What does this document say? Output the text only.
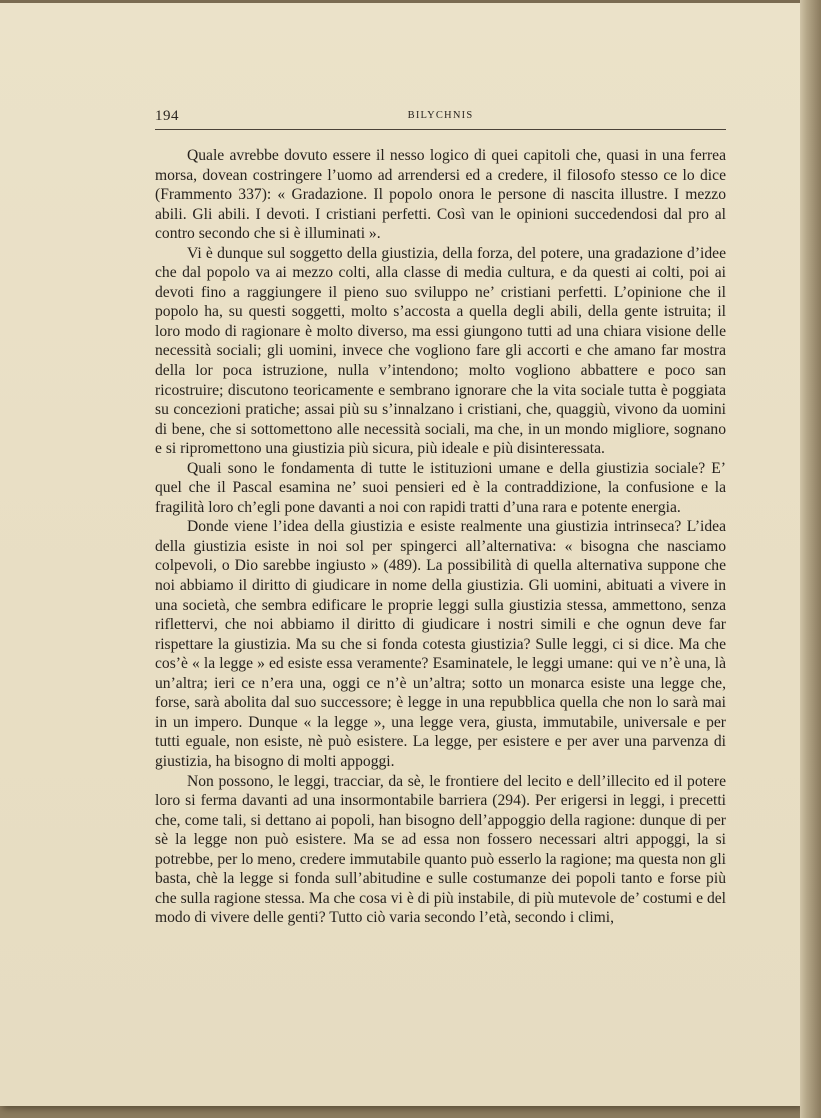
194	BILYCHNIS

Quale avrebbe dovuto essere il nesso logico di quei capitoli che, quasi in una ferrea morsa, dovean costringere l’uomo ad arrendersi ed a credere, il filosofo stesso ce lo dice (Frammento 337): « Gradazione. Il popolo onora le persone di nascita illustre. I mezzo abili. Gli abili. I devoti. I cristiani perfetti. Così van le opinioni succedendosi dal pro al contro secondo che si è illuminati ».

Vi è dunque sul soggetto della giustizia, della forza, del potere, una gradazione d’idee che dal popolo va ai mezzo colti, alla classe di media cultura, e da questi ai colti, poi ai devoti fino a raggiungere il pieno suo sviluppo ne’ cristiani perfetti. L’opinione che il popolo ha, su questi soggetti, molto s’accosta a quella degli abili, della gente istruita; il loro modo di ragionare è molto diverso, ma essi giungono tutti ad una chiara visione delle necessità sociali; gli uomini, invece che vogliono fare gli accorti e che amano far mostra della lor poca istruzione, nulla v’intendono; molto vogliono abbattere e poco san ricostruire; discutono teoricamente e sembrano ignorare che la vita sociale tutta è poggiata su concezioni pratiche; assai più su s’innalzano i cristiani, che, quaggiù, vivono da uomini di bene, che si sottomettono alle necessità sociali, ma che, in un mondo migliore, sognano e si ripromettono una giustizia più sicura, più ideale e più disinteressata.

Quali sono le fondamenta di tutte le istituzioni umane e della giustizia sociale? E’ quel che il Pascal esamina ne’ suoi pensieri ed è la contraddizione, la confusione e la fragilità loro ch’egli pone davanti a noi con rapidi tratti d’una rara e potente energia.

Donde viene l’idea della giustizia e esiste realmente una giustizia intrinseca? L’idea della giustizia esiste in noi sol per spingerci all’alternativa: « bisogna che nasciamo colpevoli, o Dio sarebbe ingiusto » (489). La possibilità di quella alternativa suppone che noi abbiamo il diritto di giudicare in nome della giustizia. Gli uomini, abituati a vivere in una società, che sembra edificare le proprie leggi sulla giustizia stessa, ammettono, senza riflettervi, che noi abbiamo il diritto di giudicare i nostri simili e che ognun deve far rispettare la giustizia. Ma su che si fonda cotesta giustizia? Sulle leggi, ci si dice. Ma che cos’è « la legge » ed esiste essa veramente? Esaminatele, le leggi umane: qui ve n’è una, là un’altra; ieri ce n’era una, oggi ce n’è un’altra; sotto un monarca esiste una legge che, forse, sarà abolita dal suo successore; è legge in una repubblica quella che non lo sarà mai in un impero. Dunque « la legge », una legge vera, giusta, immutabile, universale e per tutti eguale, non esiste, nè può esistere. La legge, per esistere e per aver una parvenza di giustizia, ha bisogno di molti appoggi.

Non possono, le leggi, tracciar, da sè, le frontiere del lecito e dell’illecito ed il potere loro si ferma davanti ad una insormontabile barriera (294). Per erigersi in leggi, i precetti che, come tali, si dettano ai popoli, han bisogno dell’appoggio della ragione: dunque di per sè la legge non può esistere. Ma se ad essa non fossero necessari altri appoggi, la si potrebbe, per lo meno, credere immutabile quanto può esserlo la ragione; ma questa non gli basta, chè la legge si fonda sull’abitudine e sulle costumanze dei popoli tanto e forse più che sulla ragione stessa. Ma che cosa vi è di più instabile, di più mutevole de’ costumi e del modo di vivere delle genti? Tutto ciò varia secondo l’età, secondo i climi,
